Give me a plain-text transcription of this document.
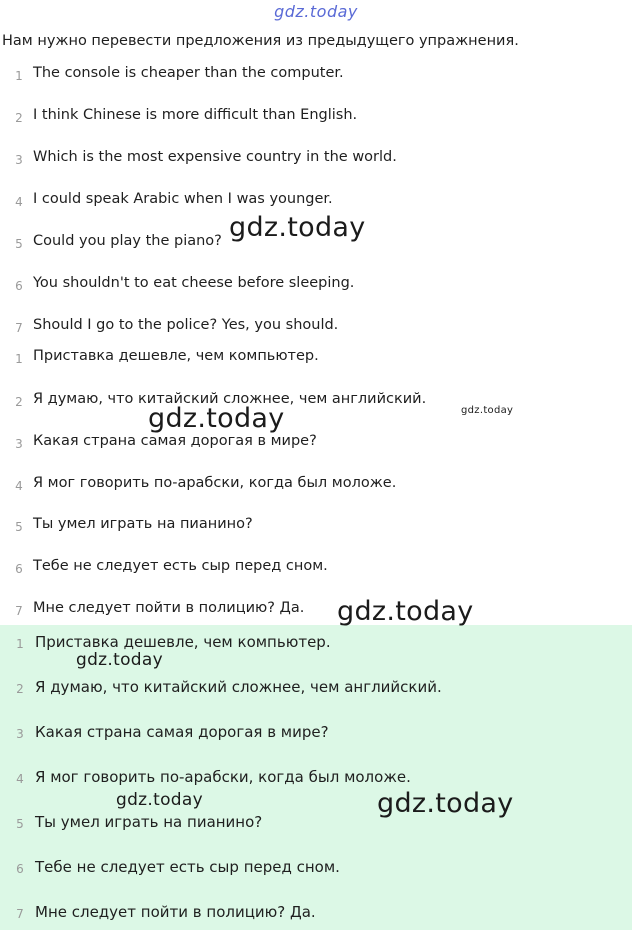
gdz.today
Нам нужно перевести предложения из предыдущего упражнения.
1 The console is cheaper than the computer.
2 I think Chinese is more difficult than English.
3 Which is the most expensive country in the world.
4 I could speak Arabic when I was younger.
5 Could you play the piano?
6 You shouldn't to eat cheese before sleeping.
7 Should I go to the police? Yes, you should.
1 Приставка дешевле, чем компьютер.
2 Я думаю, что китайский сложнее, чем английский.
3 Какая страна самая дорогая в мире?
4 Я мог говорить по-арабски, когда был моложе.
5 Ты умел играть на пианино?
6 Тебе не следует есть сыр перед сном.
7 Мне следует пойти в полицию? Да.
1 Приставка дешевле, чем компьютер.
2 Я думаю, что китайский сложнее, чем английский.
3 Какая страна самая дорогая в мире?
4 Я мог говорить по-арабски, когда был моложе.
5 Ты умел играть на пианино?
6 Тебе не следует есть сыр перед сном.
7 Мне следует пойти в полицию? Да.
gdz.today
gdz.today	gdz.today
gdz.today
gdz.today
gdz.today	gdz.today
